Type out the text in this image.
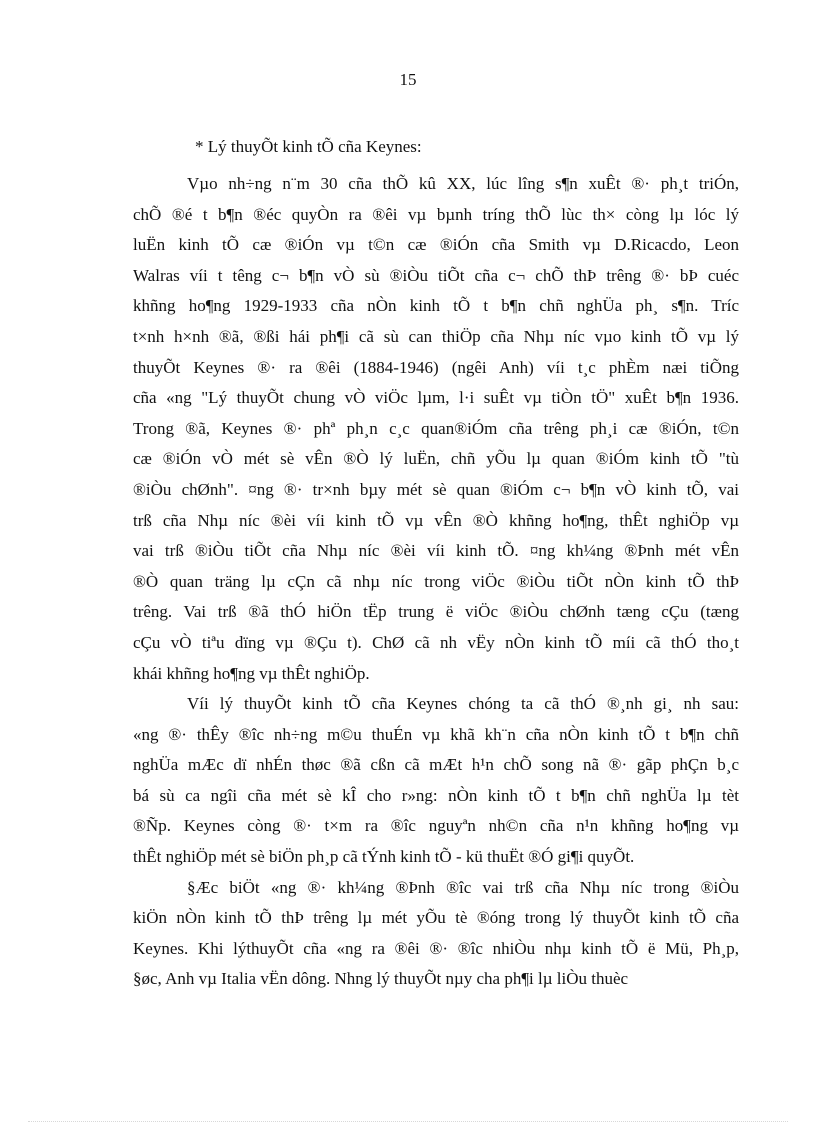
15
* Lý thuyÕt kinh tÕ cña Keynes:
Vµo nh÷ng n¨m 30 cña thÕ kû XX, lúc lîng s¶n xuÊt ®· ph¸t triÓn,
chÕ ®é t b¶n ®éc quyÒn ra ®êi vµ bµnh tríng thÕ lùc th× còng lµ lóc lý
luËn kinh tÕ cæ ®iÓn vµ t©n cæ ®iÓn cña Smith vµ D.Ricacdo, Leon
Walras víi t têng c¬ b¶n vÒ sù ®iÒu tiÕt cña c¬ chÕ thÞ trêng ®· bÞ cuéc
khñng ho¶ng 1929-1933 cña nÒn kinh tÕ t b¶n chñ nghÜa ph¸ s¶n. Tríc
t×nh h×nh ®ã, ®ßi hái ph¶i cã sù can thiÖp cña Nhµ níc vµo kinh tÕ vµ lý
thuyÕt Keynes ®· ra ®êi (1884-1946) (ngêi Anh) víi t¸c phÈm næi tiÕng
cña «ng "Lý thuyÕt chung vÒ viÖc lµm, l·i suÊt vµ tiÒn tÖ" xuÊt b¶n 1936.
Trong ®ã, Keynes ®· phª ph¸n c¸c quan®iÓm cña trêng ph¸i cæ ®iÓn, t©n
cæ ®iÓn vÒ mét sè vÊn ®Ò lý luËn, chñ yÕu lµ quan ®iÓm kinh tÕ "tù
®iÒu chØnh". ¤ng ®· tr×nh bµy mét sè quan ®iÓm c¬ b¶n vÒ kinh tÕ, vai
trß cña Nhµ níc ®èi víi kinh tÕ vµ vÊn ®Ò khñng ho¶ng, thÊt nghiÖp vµ
vai trß ®iÒu tiÕt cña Nhµ níc ®èi víi kinh tÕ. ¤ng kh¼ng ®Þnh mét vÊn
®Ò quan träng lµ cÇn cã nhµ níc trong viÖc ®iÒu tiÕt nÒn kinh tÕ thÞ
trêng. Vai trß ®ã thÓ hiÖn tËp trung ë viÖc ®iÒu chØnh tæng cÇu (tæng
cÇu vÒ tiªu dïng vµ ®Çu t). ChØ cã nh vËy nÒn kinh tÕ míi cã thÓ tho¸t
khái khñng ho¶ng vµ thÊt nghiÖp.
Víi lý thuyÕt kinh tÕ cña Keynes chóng ta cã thÓ ®¸nh gi¸ nh sau:
«ng ®· thÊy ®îc nh÷ng m©u thuÉn vµ khã kh¨n cña nÒn kinh tÕ t b¶n chñ
nghÜa mÆc dï nhÉn thøc ®ã cßn cã mÆt h¹n chÕ song nã ®· gãp phÇn b¸c
bá sù ca ngîi cña mét sè kÎ cho r»ng: nÒn kinh tÕ t b¶n chñ nghÜa lµ tèt
®Ñp. Keynes còng ®· t×m ra ®îc nguyªn nh©n cña n¹n khñng ho¶ng vµ
thÊt nghiÖp mét sè biÖn ph¸p cã tÝnh kinh tÕ - kü thuËt ®Ó gi¶i quyÕt.
§Æc biÖt «ng ®· kh¼ng ®Þnh ®îc vai trß cña Nhµ níc trong ®iÒu
kiÖn nÒn kinh tÕ thÞ trêng lµ mét yÕu tè ®óng trong lý thuyÕt kinh tÕ cña
Keynes. Khi lýthuyÕt cña «ng ra ®êi ®· ®îc nhiÒu nhµ kinh tÕ ë Mü, Ph¸p,
§øc, Anh vµ Italia vËn dông. Nhng lý thuyÕt nµy cha ph¶i lµ liÒu thuèc
